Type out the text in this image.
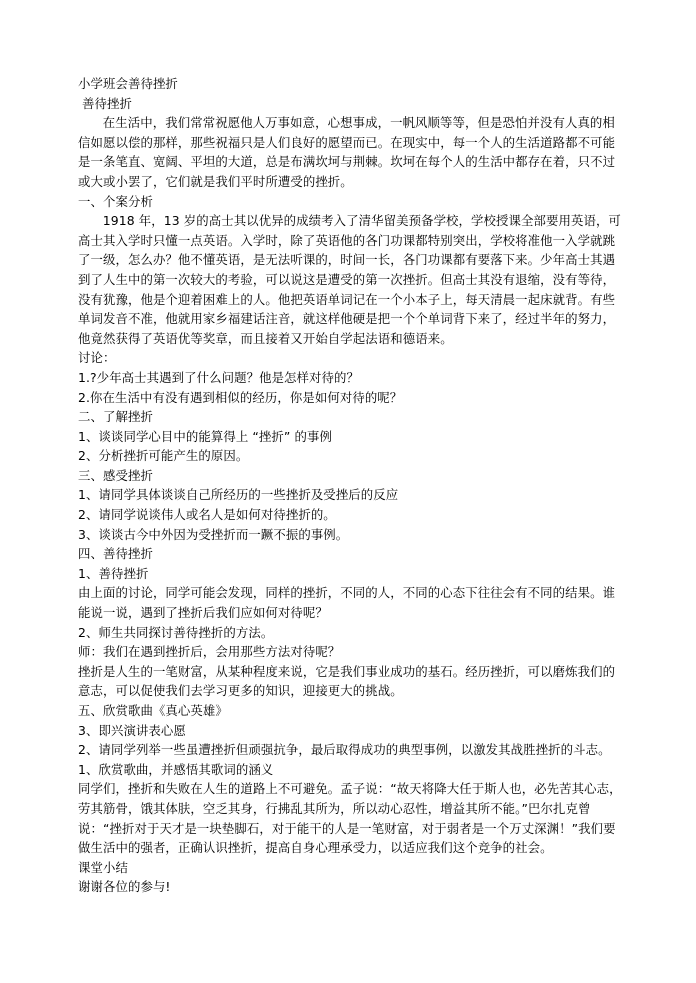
小学班会善待挫折

善待挫折

在生活中，我们常常祝愿他人万事如意，心想事成，一帆风顺等等，但是恐怕并没有人真的相信如愿以偿的那样，那些祝福只是人们良好的愿望而已。在现实中，每一个人的生活道路都不可能是一条笔直、宽阔、平坦的大道，总是布满坎坷与荆棘。坎坷在每个人的生活中都存在着，只不过或大或小罢了，它们就是我们平时所遭受的挫折。

一、个案分析

1918 年，13 岁的高士其以优异的成绩考入了清华留美预备学校，学校授课全部要用英语，可高士其入学时只懂一点英语。入学时，除了英语他的各门功课都特别突出，学校将准他一入学就跳了一级，怎么办？他不懂英语，是无法听课的，时间一长，各门功课都有要落下来。少年高士其遇到了人生中的第一次较大的考验，可以说这是遭受的第一次挫折。但高士其没有退缩，没有等待，没有犹豫，他是个迎着困难上的人。他把英语单词记在一个小本子上，每天清晨一起床就背。有些单词发音不准，他就用家乡福建话注音，就这样他硬是把一个个单词背下来了，经过半年的努力，他竟然获得了英语优等奖章，而且接着又开始自学起法语和德语来。

讨论：

1.?少年高士其遇到了什么问题？他是怎样对待的？

2.你在生活中有没有遇到相似的经历，你是如何对待的呢？

二、了解挫折

1、谈谈同学心目中的能算得上 “挫折” 的事例

2、分析挫折可能产生的原因。

三、感受挫折

1、请同学具体谈谈自己所经历的一些挫折及受挫后的反应

2、请同学说谈伟人或名人是如何对待挫折的。

3、谈谈古今中外因为受挫折而一蹶不振的事例。

四、善待挫折

1、善待挫折

由上面的讨论，同学可能会发现，同样的挫折，不同的人，不同的心态下往往会有不同的结果。谁能说一说，遇到了挫折后我们应如何对待呢？

2、师生共同探讨善待挫折的方法。

师：我们在遇到挫折后，会用那些方法对待呢？

挫折是人生的一笔财富，从某种程度来说，它是我们事业成功的基石。经历挫折，可以磨炼我们的意志，可以促使我们去学习更多的知识，迎接更大的挑战。

五、欣赏歌曲《真心英雄》

3、即兴演讲表心愿

2、请同学列举一些虽遭挫折但顽强抗争，最后取得成功的典型事例，以激发其战胜挫折的斗志。

1、欣赏歌曲，并感悟其歌词的涵义

同学们，挫折和失败在人生的道路上不可避免。孟子说：“故天将降大任于斯人也，必先苦其心志，劳其筋骨，饿其体肤，空乏其身，行拂乱其所为，所以动心忍性，增益其所不能。”巴尔扎克曾说：“挫折对于天才是一块垫脚石，对于能干的人是一笔财富，对于弱者是一个万丈深渊！”我们要做生活中的强者，正确认识挫折，提高自身心理承受力，以适应我们这个竞争的社会。

课堂小结

谢谢各位的参与!
